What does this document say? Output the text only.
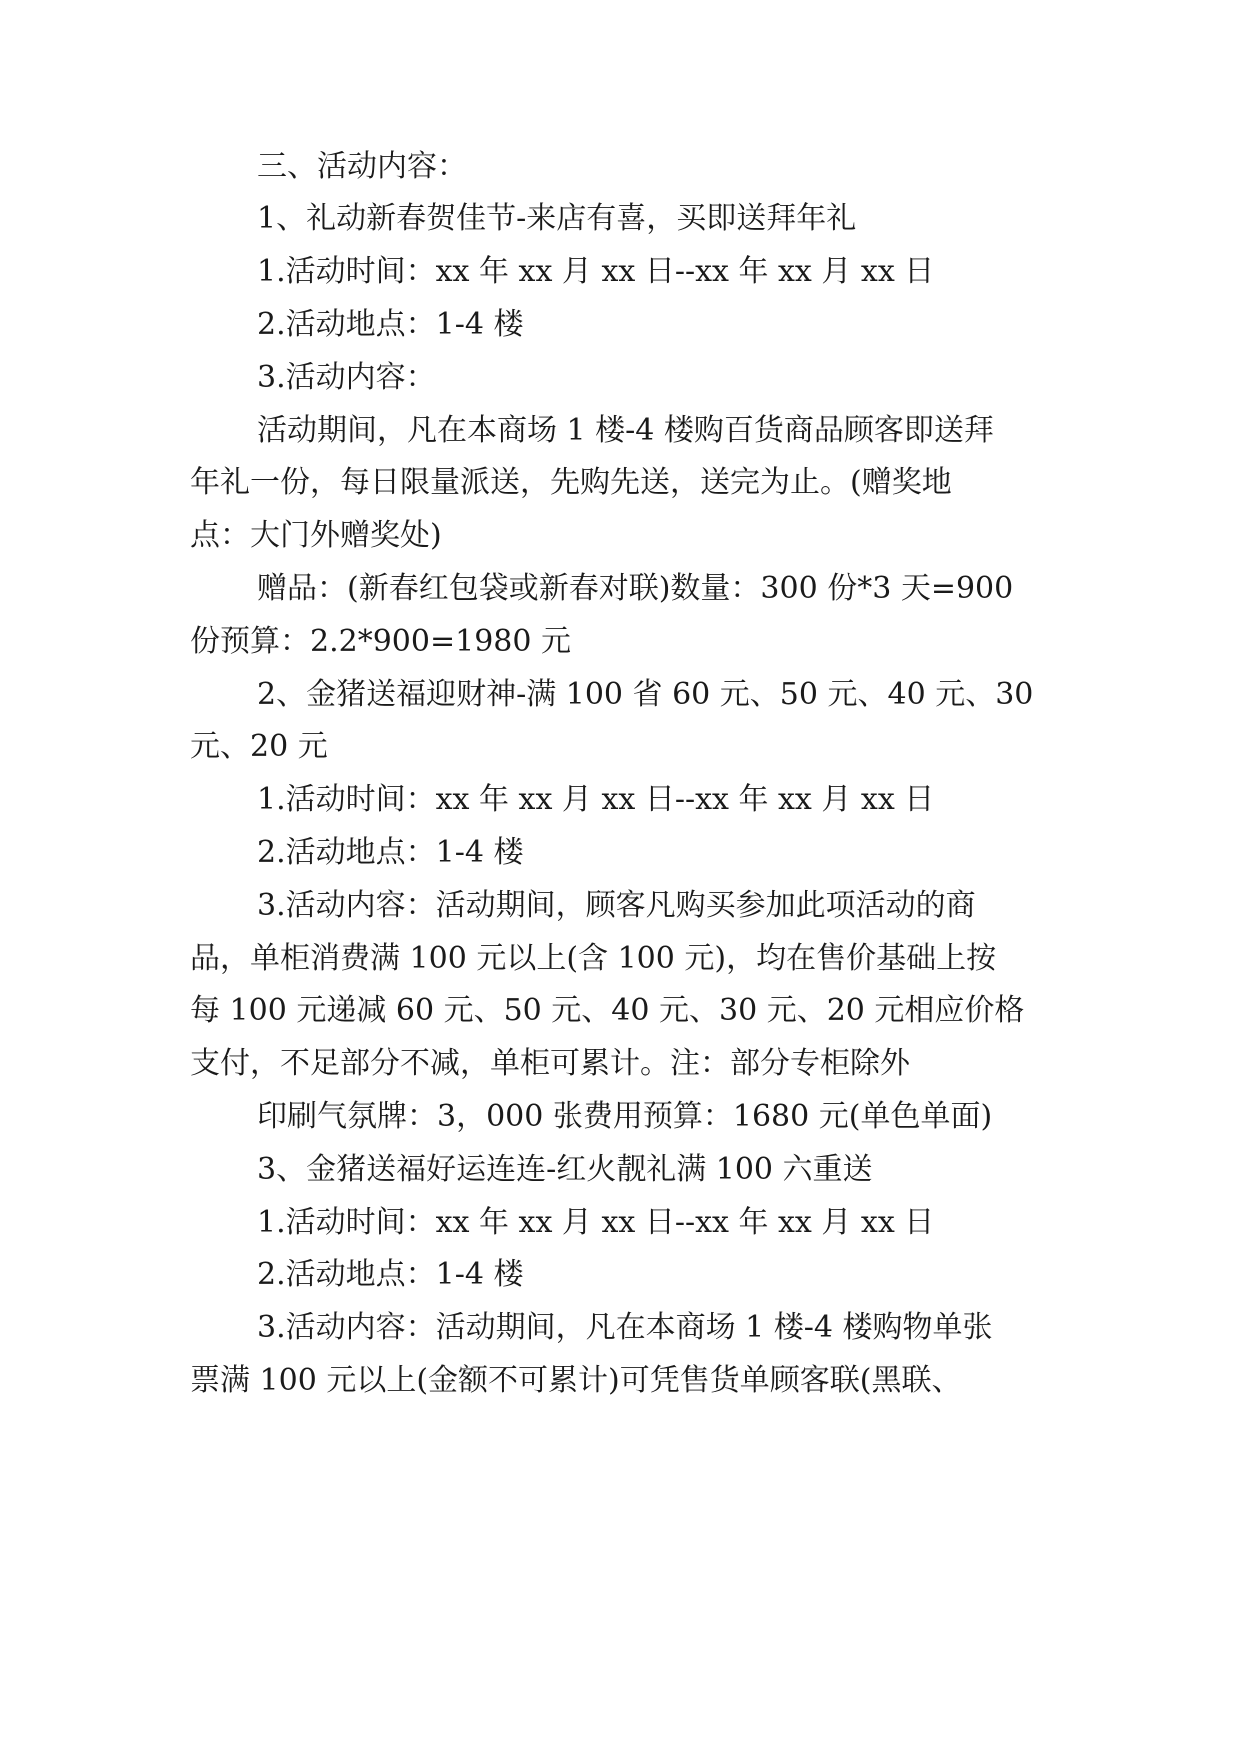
三、活动内容：

1、礼动新春贺佳节-来店有喜，买即送拜年礼

1.活动时间：xx 年 xx 月 xx 日--xx 年 xx 月 xx 日

2.活动地点：1-4 楼

3.活动内容：

活动期间，凡在本商场 1 楼-4 楼购百货商品顾客即送拜

年礼一份，每日限量派送，先购先送，送完为止。(赠奖地

点：大门外赠奖处)

赠品：(新春红包袋或新春对联)数量：300 份*3 天=900

份预算：2.2*900=1980 元

2、金猪送福迎财神-满 100 省 60 元、50 元、40 元、30

元、20 元

1.活动时间：xx 年 xx 月 xx 日--xx 年 xx 月 xx 日

2.活动地点：1-4 楼

3.活动内容：活动期间，顾客凡购买参加此项活动的商

品，单柜消费满 100 元以上(含 100 元)，均在售价基础上按

每 100 元递减 60 元、50 元、40 元、30 元、20 元相应价格

支付，不足部分不减，单柜可累计。注：部分专柜除外

印刷气氛牌：3，000 张费用预算：1680 元(单色单面)

3、金猪送福好运连连-红火靓礼满 100 六重送

1.活动时间：xx 年 xx 月 xx 日--xx 年 xx 月 xx 日

2.活动地点：1-4 楼

3.活动内容：活动期间，凡在本商场 1 楼-4 楼购物单张

票满 100 元以上(金额不可累计)可凭售货单顾客联(黑联、
